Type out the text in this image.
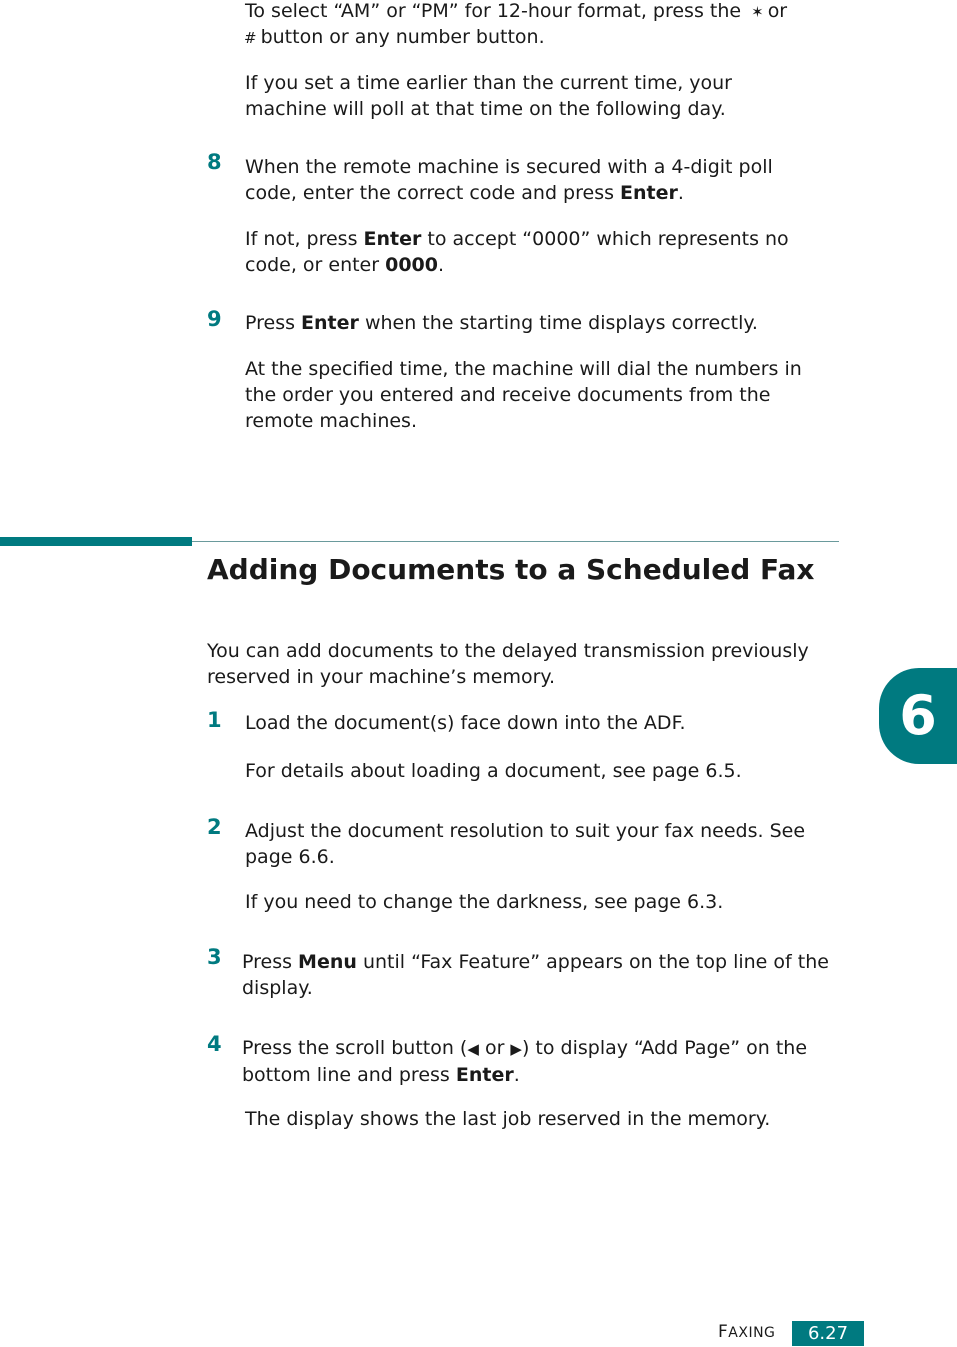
To select “AM” or “PM” for 12-hour format, press the ✶ or
# button or any number button.
If you set a time earlier than the current time, your machine will poll at that time on the following day.
8 When the remote machine is secured with a 4-digit poll code, enter the correct code and press Enter.
If not, press Enter to accept “0000” which represents no code, or enter 0000.
9 Press Enter when the starting time displays correctly.
At the specified time, the machine will dial the numbers in the order you entered and receive documents from the remote machines.
Adding Documents to a Scheduled Fax
You can add documents to the delayed transmission previously reserved in your machine’s memory.
1 Load the document(s) face down into the ADF.
For details about loading a document, see page 6.5.
2 Adjust the document resolution to suit your fax needs. See page 6.6.
If you need to change the darkness, see page 6.3.
3 Press Menu until “Fax Feature” appears on the top line of the display.
4 Press the scroll button (◀ or ▶) to display “Add Page” on the bottom line and press Enter.
The display shows the last job reserved in the memory.
6
FAXING	6.27
